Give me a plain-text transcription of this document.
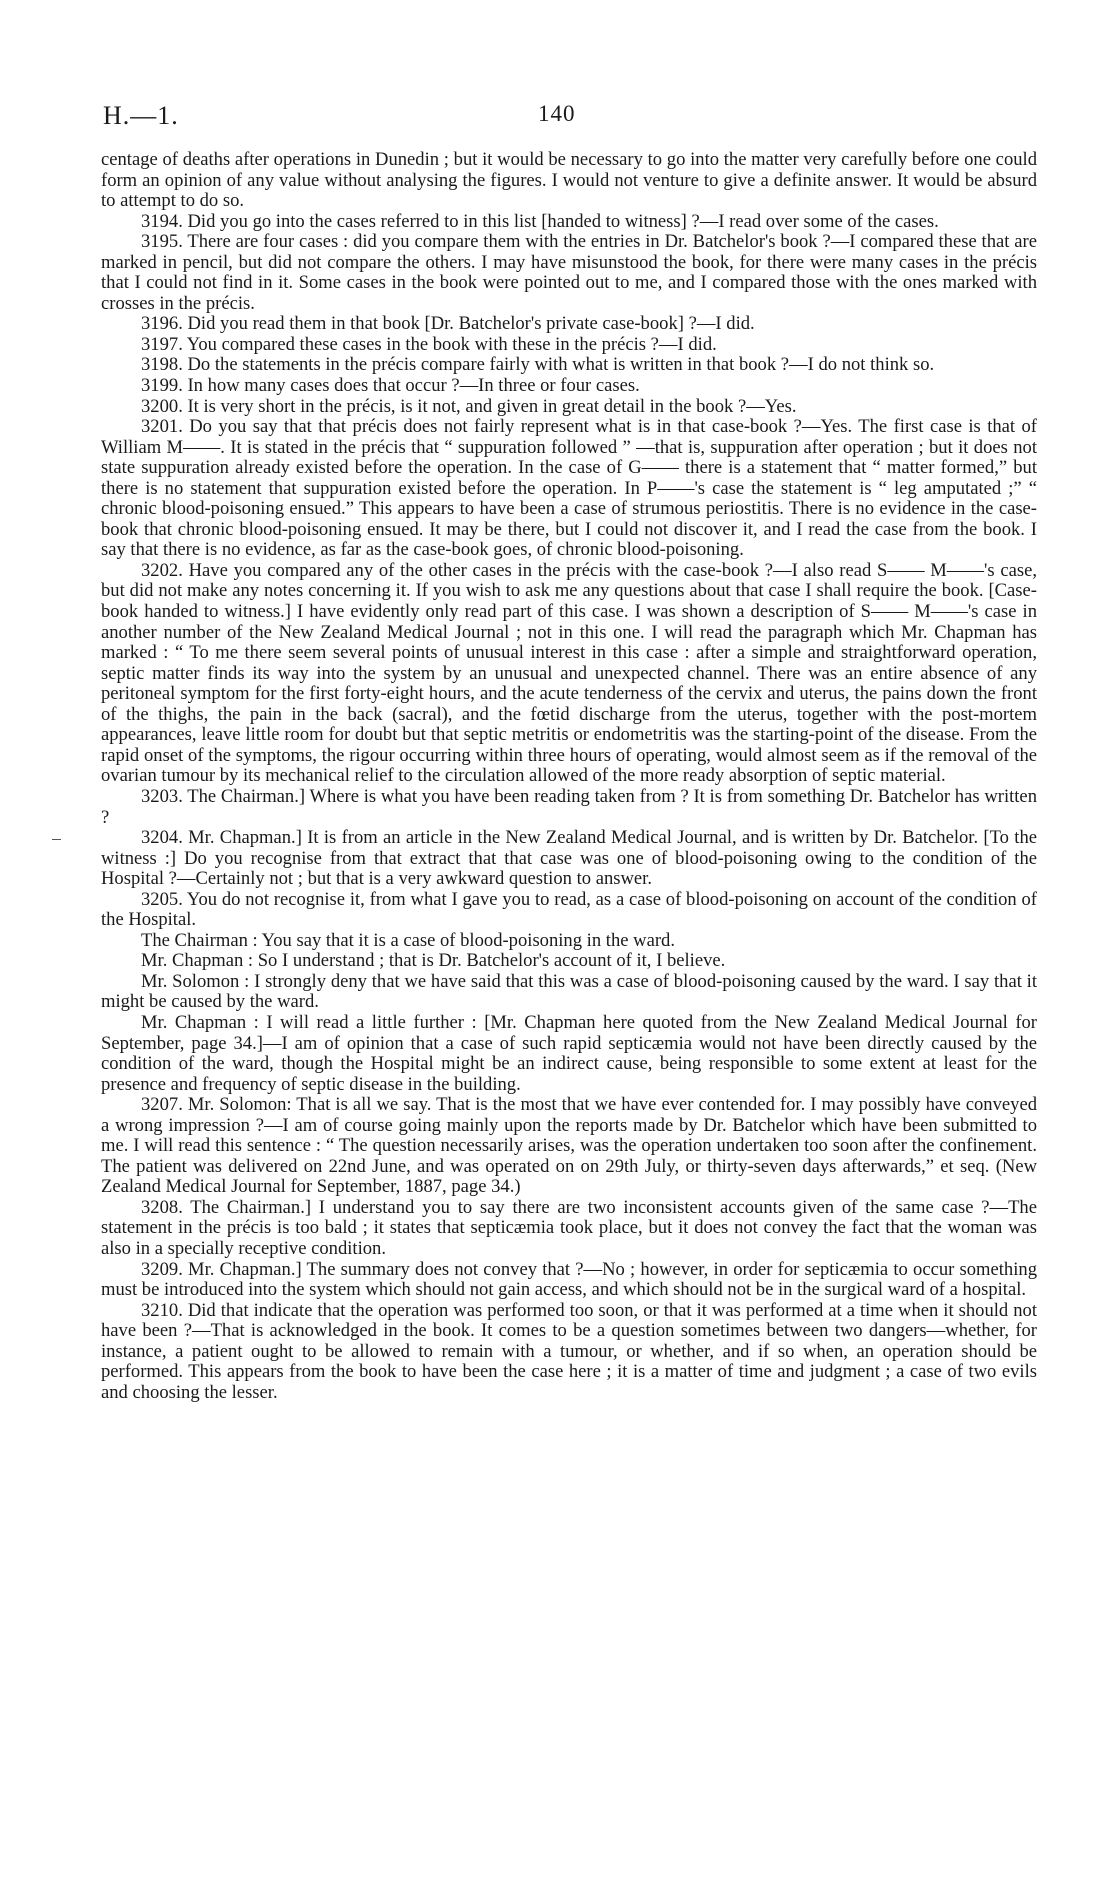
H.—1.	140

centage of deaths after operations in Dunedin ; but it would be necessary to go into the matter very carefully before one could form an opinion of any value without analysing the figures. I would not venture to give a definite answer. It would be absurd to attempt to do so.

3194. Did you go into the cases referred to in this list [handed to witness] ?—I read over some of the cases.

3195. There are four cases : did you compare them with the entries in Dr. Batchelor's book ?—I compared these that are marked in pencil, but did not compare the others. I may have misunstood the book, for there were many cases in the précis that I could not find in it. Some cases in the book were pointed out to me, and I compared those with the ones marked with crosses in the précis.

3196. Did you read them in that book [Dr. Batchelor's private case-book] ?—I did.

3197. You compared these cases in the book with these in the précis ?—I did.

3198. Do the statements in the précis compare fairly with what is written in that book ?—I do not think so.

3199. In how many cases does that occur ?—In three or four cases.

3200. It is very short in the précis, is it not, and given in great detail in the book ?—Yes.

3201. Do you say that that précis does not fairly represent what is in that case-book ?—Yes. The first case is that of William M——. It is stated in the précis that “ suppuration followed ” —that is, suppuration after operation ; but it does not state suppuration already existed before the operation. In the case of G—— there is a statement that “ matter formed,” but there is no statement that suppuration existed before the operation. In P——'s case the statement is “ leg amputated ;” “ chronic blood-poisoning ensued.” This appears to have been a case of strumous periostitis. There is no evidence in the case-book that chronic blood-poisoning ensued. It may be there, but I could not discover it, and I read the case from the book. I say that there is no evidence, as far as the case-book goes, of chronic blood-poisoning.

3202. Have you compared any of the other cases in the précis with the case-book ?—I also read S—— M——'s case, but did not make any notes concerning it. If you wish to ask me any questions about that case I shall require the book. [Case-book handed to witness.] I have evidently only read part of this case. I was shown a description of S—— M——'s case in another number of the New Zealand Medical Journal ; not in this one. I will read the paragraph which Mr. Chapman has marked : “ To me there seem several points of unusual interest in this case : after a simple and straightforward operation, septic matter finds its way into the system by an unusual and unexpected channel. There was an entire absence of any peritoneal symptom for the first forty-eight hours, and the acute tenderness of the cervix and uterus, the pains down the front of the thighs, the pain in the back (sacral), and the fœtid discharge from the uterus, together with the post-mortem appearances, leave little room for doubt but that septic metritis or endometritis was the starting-point of the disease. From the rapid onset of the symptoms, the rigour occurring within three hours of operating, would almost seem as if the removal of the ovarian tumour by its mechanical relief to the circulation allowed of the more ready absorption of septic material.

3203. The Chairman.] Where is what you have been reading taken from ? It is from something Dr. Batchelor has written ?

3204. Mr. Chapman.] It is from an article in the New Zealand Medical Journal, and is written by Dr. Batchelor. [To the witness :] Do you recognise from that extract that that case was one of blood-poisoning owing to the condition of the Hospital ?—Certainly not ; but that is a very awkward question to answer.

3205. You do not recognise it, from what I gave you to read, as a case of blood-poisoning on account of the condition of the Hospital.

The Chairman : You say that it is a case of blood-poisoning in the ward.

Mr. Chapman : So I understand ; that is Dr. Batchelor's account of it, I believe.

Mr. Solomon : I strongly deny that we have said that this was a case of blood-poisoning caused by the ward. I say that it might be caused by the ward.

Mr. Chapman : I will read a little further : [Mr. Chapman here quoted from the New Zealand Medical Journal for September, page 34.]—I am of opinion that a case of such rapid septicæmia would not have been directly caused by the condition of the ward, though the Hospital might be an indirect cause, being responsible to some extent at least for the presence and frequency of septic disease in the building.

3207. Mr. Solomon: That is all we say. That is the most that we have ever contended for. I may possibly have conveyed a wrong impression ?—I am of course going mainly upon the reports made by Dr. Batchelor which have been submitted to me. I will read this sentence : “ The question necessarily arises, was the operation undertaken too soon after the confinement. The patient was delivered on 22nd June, and was operated on on 29th July, or thirty-seven days afterwards,” et seq. (New Zealand Medical Journal for September, 1887, page 34.)

3208. The Chairman.] I understand you to say there are two inconsistent accounts given of the same case ?—The statement in the précis is too bald ; it states that septicæmia took place, but it does not convey the fact that the woman was also in a specially receptive condition.

3209. Mr. Chapman.] The summary does not convey that ?—No ; however, in order for septicæmia to occur something must be introduced into the system which should not gain access, and which should not be in the surgical ward of a hospital.

3210. Did that indicate that the operation was performed too soon, or that it was performed at a time when it should not have been ?—That is acknowledged in the book. It comes to be a question sometimes between two dangers—whether, for instance, a patient ought to be allowed to remain with a tumour, or whether, and if so when, an operation should be performed. This appears from the book to have been the case here ; it is a matter of time and judgment ; a case of two evils and choosing the lesser.
